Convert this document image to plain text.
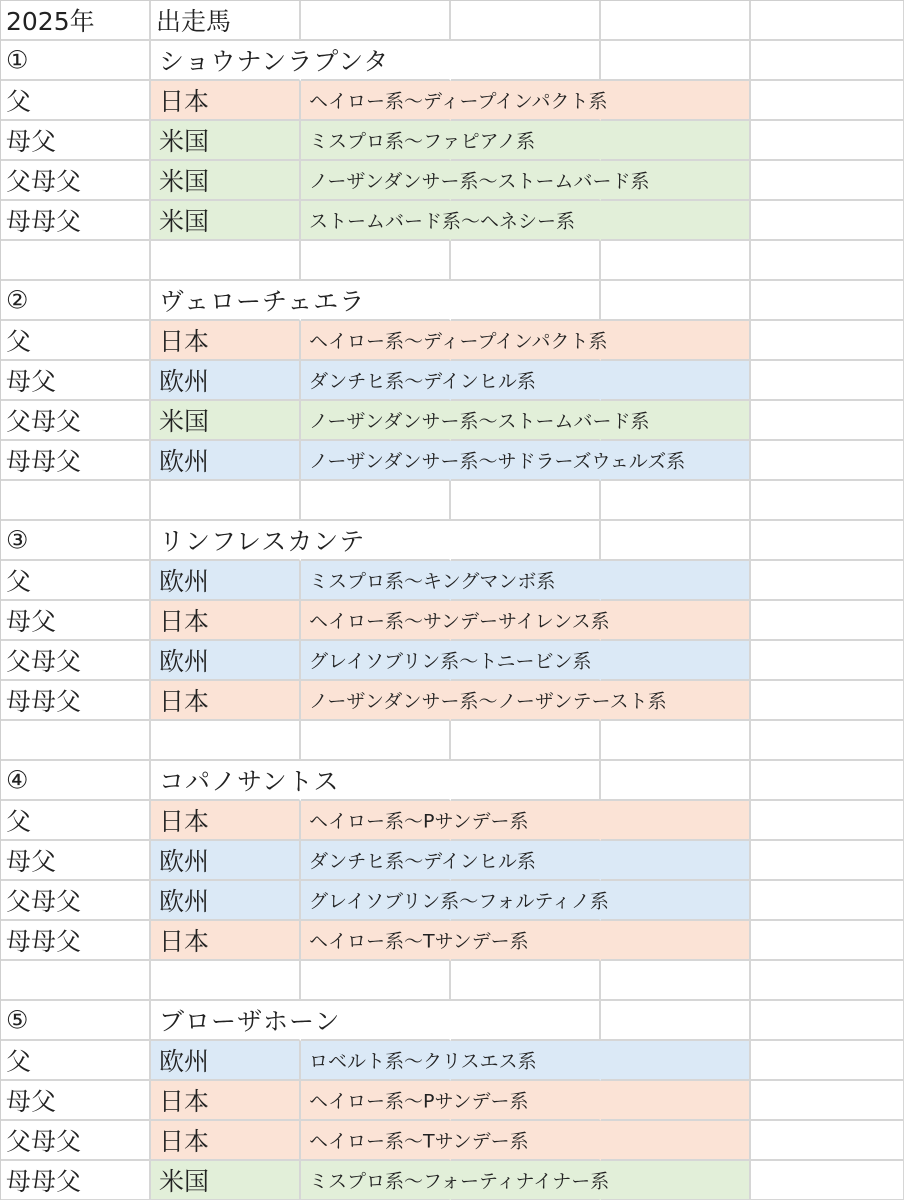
2025年 出走馬
①	ショウナンラプンタ
父	日本	ヘイロー系～ディープインパクト系
母父	米国	ミスプロ系～ファピアノ系
父母父	米国	ノーザンダンサー系～ストームバード系
母母父	米国	ストームバード系～ヘネシー系
②	ヴェローチェエラ
父	日本	ヘイロー系～ディープインパクト系
母父	欧州	ダンチヒ系～デインヒル系
父母父	米国	ノーザンダンサー系～ストームバード系
母母父	欧州	ノーザンダンサー系～サドラーズウェルズ系
③	リンフレスカンテ
父	欧州	ミスプロ系～キングマンボ系
母父	日本	ヘイロー系～サンデーサイレンス系
父母父	欧州	グレイソブリン系～トニービン系
母母父	日本	ノーザンダンサー系～ノーザンテースト系
④	コパノサントス
父	日本	ヘイロー系～Pサンデー系
母父	欧州	ダンチヒ系～デインヒル系
父母父	欧州	グレイソブリン系～フォルティノ系
母母父	日本	ヘイロー系～Tサンデー系
⑤	ブローザホーン
父	欧州	ロベルト系～クリスエス系
母父	日本	ヘイロー系～Pサンデー系
父母父	日本	ヘイロー系～Tサンデー系
母母父	米国	ミスプロ系～フォーティナイナー系
